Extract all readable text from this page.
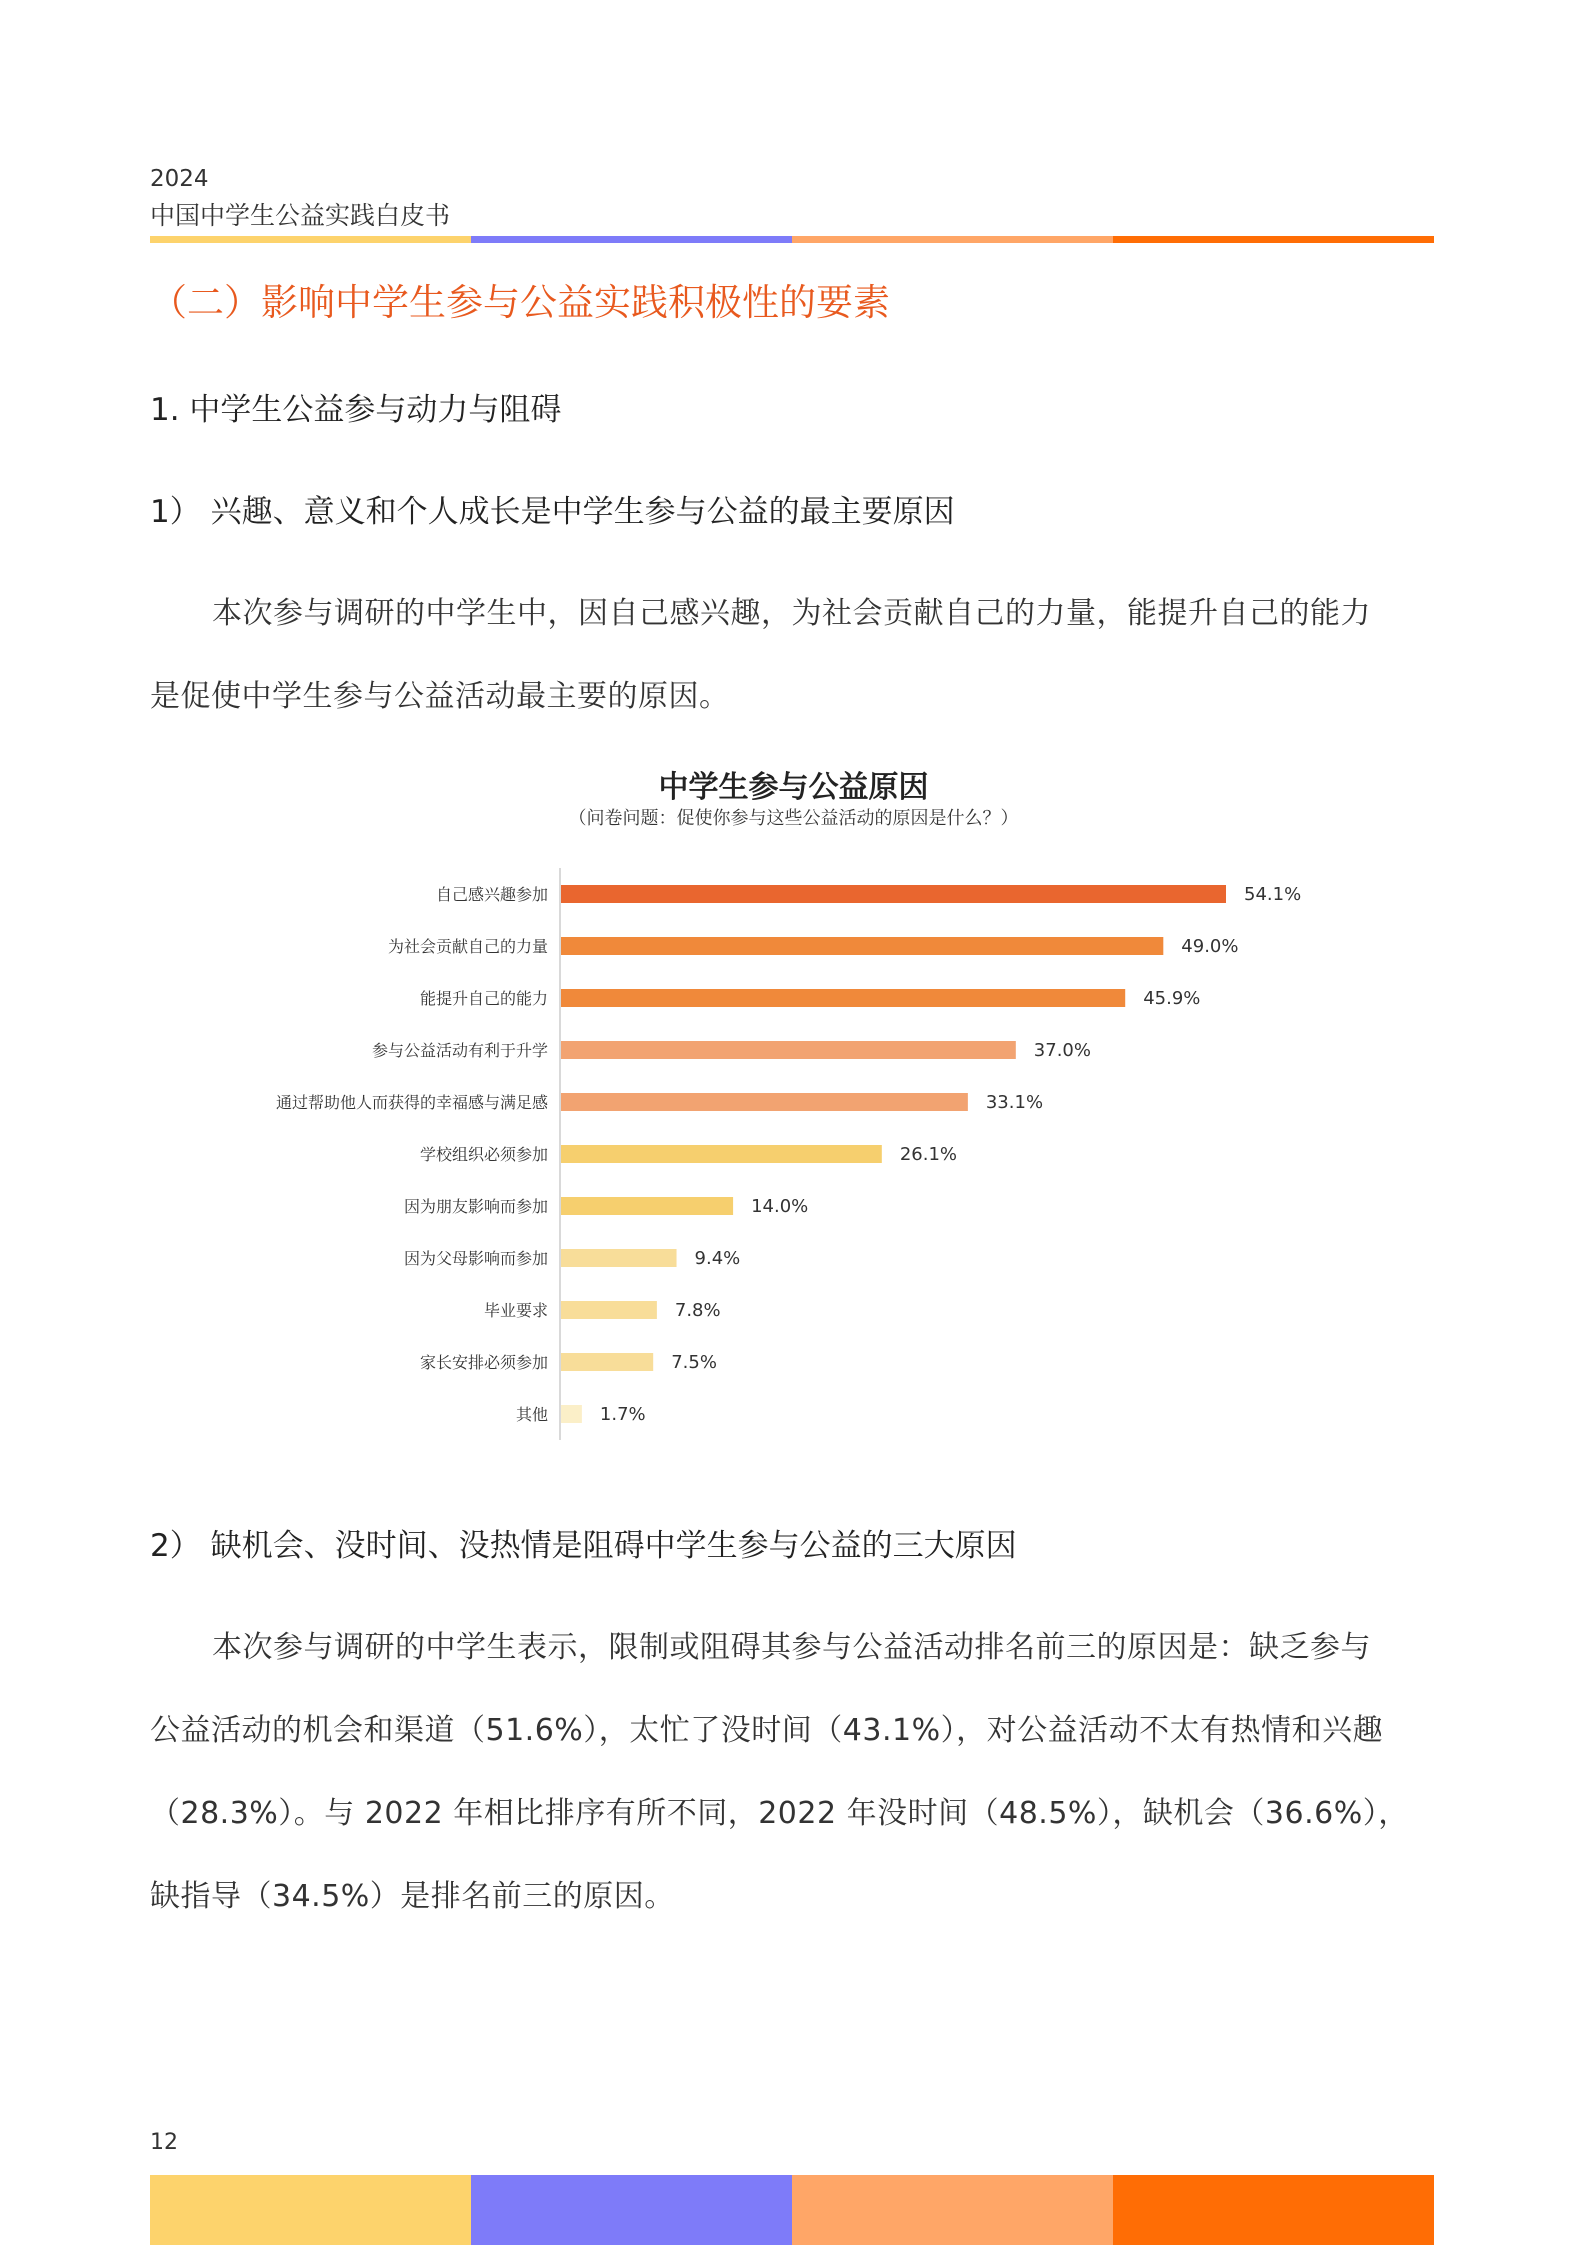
2024
中国中学生公益实践白皮书
（二）影响中学生参与公益实践积极性的要素
1. 中学生公益参与动力与阻碍
1） 兴趣、意义和个人成长是中学生参与公益的最主要原因
本次参与调研的中学生中，因自己感兴趣，为社会贡献自己的力量，能提升自己的能力
是促使中学生参与公益活动最主要的原因。
中学生参与公益原因
（问卷问题：促使你参与这些公益活动的原因是什么？）
自己感兴趣参加	54.1%
为社会贡献自己的力量	49.0%
能提升自己的能力	45.9%
参与公益活动有利于升学	37.0%
通过帮助他人而获得的幸福感与满足感	33.1%
学校组织必须参加	26.1%
因为朋友影响而参加	14.0%
因为父母影响而参加	9.4%
毕业要求	7.8%
家长安排必须参加	7.5%
其他	1.7%
2） 缺机会、没时间、没热情是阻碍中学生参与公益的三大原因
本次参与调研的中学生表示，限制或阻碍其参与公益活动排名前三的原因是：缺乏参与
公益活动的机会和渠道（51.6%），太忙了没时间（43.1%），对公益活动不太有热情和兴趣
（28.3%）。与 2022 年相比排序有所不同，2022 年没时间（48.5%），缺机会（36.6%），
缺指导（34.5%）是排名前三的原因。
12
